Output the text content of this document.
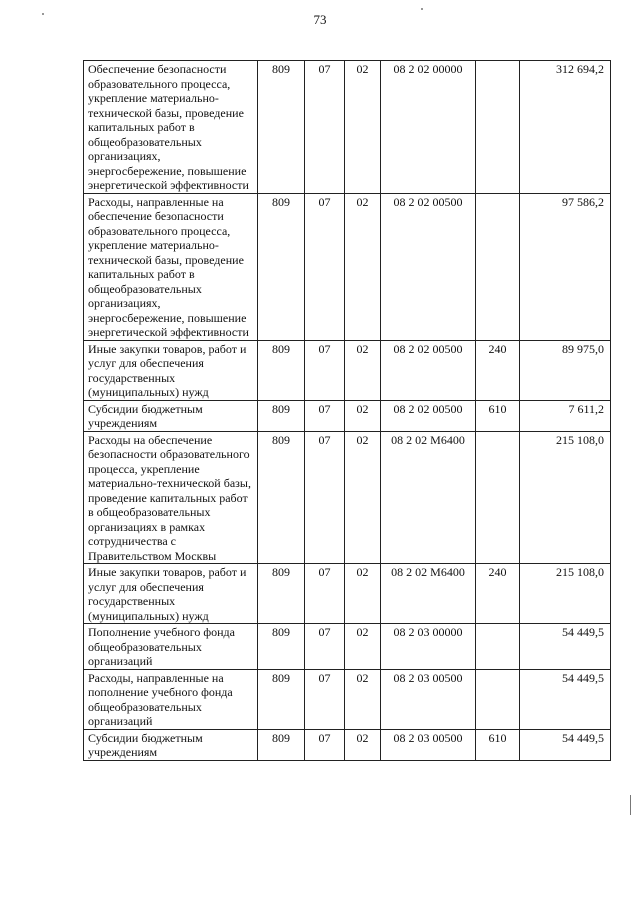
73
Обеспечение безопасности образовательного процесса, укрепление материально-технической базы, проведение капитальных работ в общеобразовательных организациях, энергосбережение, повышение энергетической эффективности	809	07	02	08 2 02 00000		312 694,2
Расходы, направленные на обеспечение безопасности образовательного процесса, укрепление материально-технической базы, проведение капитальных работ в общеобразовательных организациях, энергосбережение, повышение энергетической эффективности	809	07	02	08 2 02 00500		97 586,2
Иные закупки товаров, работ и услуг для обеспечения государственных (муниципальных) нужд	809	07	02	08 2 02 00500	240	89 975,0
Субсидии бюджетным учреждениям	809	07	02	08 2 02 00500	610	7 611,2
Расходы на обеспечение безопасности образовательного процесса, укрепление материально-технической базы, проведение капитальных работ в общеобразовательных организациях в рамках сотрудничества с Правительством Москвы	809	07	02	08 2 02 М6400		215 108,0
Иные закупки товаров, работ и услуг для обеспечения государственных (муниципальных) нужд	809	07	02	08 2 02 М6400	240	215 108,0
Пополнение учебного фонда общеобразовательных организаций	809	07	02	08 2 03 00000		54 449,5
Расходы, направленные на пополнение учебного фонда общеобразовательных организаций	809	07	02	08 2 03 00500		54 449,5
Субсидии бюджетным учреждениям	809	07	02	08 2 03 00500	610	54 449,5
